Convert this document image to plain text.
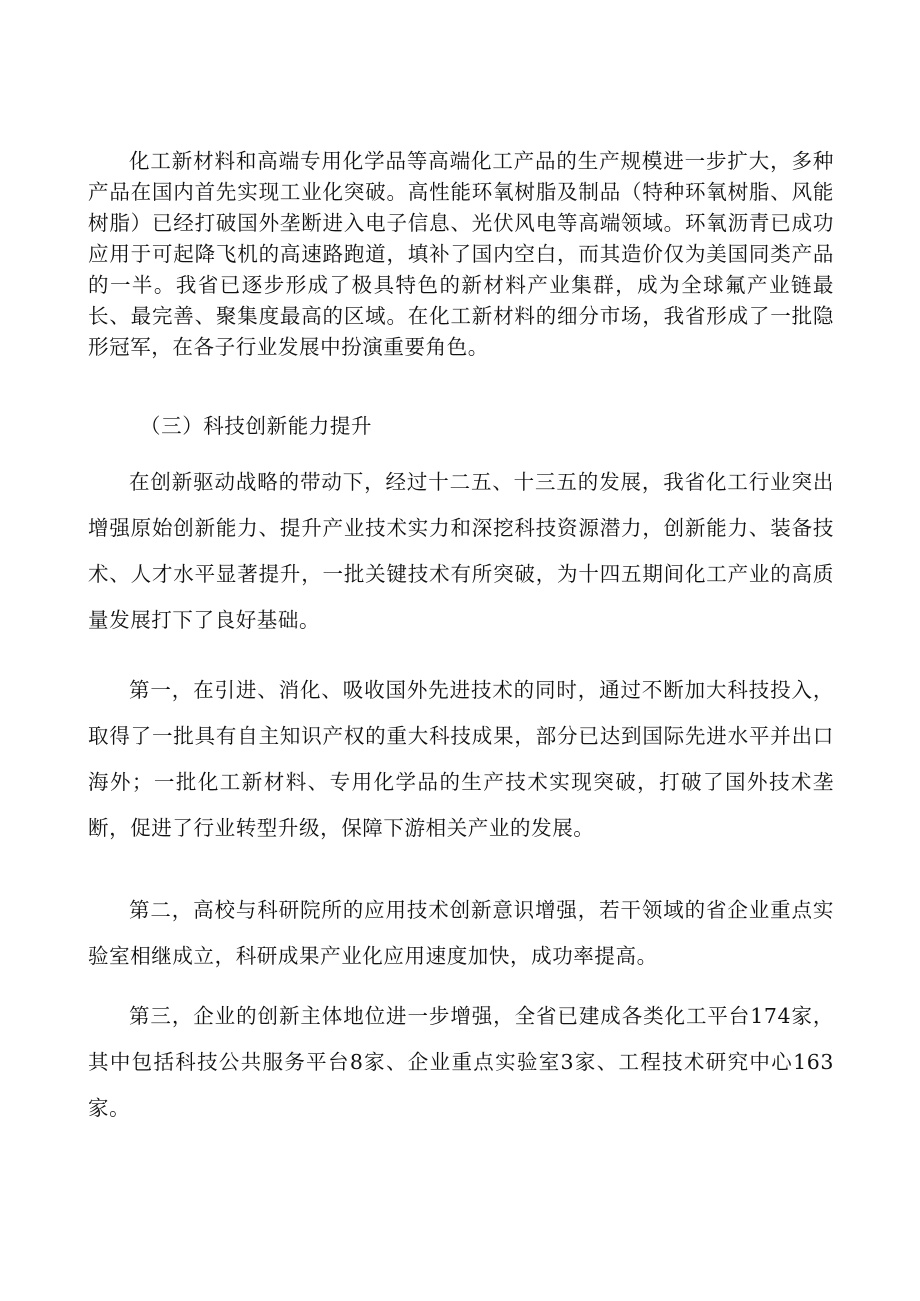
化工新材料和高端专用化学品等高端化工产品的生产规模进一步扩大，多种产品在国内首先实现工业化突破。高性能环氧树脂及制品（特种环氧树脂、风能树脂）已经打破国外垄断进入电子信息、光伏风电等高端领域。环氧沥青已成功应用于可起降飞机的高速路跑道，填补了国内空白，而其造价仅为美国同类产品的一半。我省已逐步形成了极具特色的新材料产业集群，成为全球氟产业链最长、最完善、聚集度最高的区域。在化工新材料的细分市场，我省形成了一批隐形冠军，在各子行业发展中扮演重要角色。

（三）科技创新能力提升

在创新驱动战略的带动下，经过十二五、十三五的发展，我省化工行业突出增强原始创新能力、提升产业技术实力和深挖科技资源潜力，创新能力、装备技术、人才水平显著提升，一批关键技术有所突破，为十四五期间化工产业的高质量发展打下了良好基础。

第一，在引进、消化、吸收国外先进技术的同时，通过不断加大科技投入，取得了一批具有自主知识产权的重大科技成果，部分已达到国际先进水平并出口海外；一批化工新材料、专用化学品的生产技术实现突破，打破了国外技术垄断，促进了行业转型升级，保障下游相关产业的发展。

第二，高校与科研院所的应用技术创新意识增强，若干领域的省企业重点实验室相继成立，科研成果产业化应用速度加快，成功率提高。

第三，企业的创新主体地位进一步增强，全省已建成各类化工平台174家，其中包括科技公共服务平台8家、企业重点实验室3家、工程技术研究中心163家。
